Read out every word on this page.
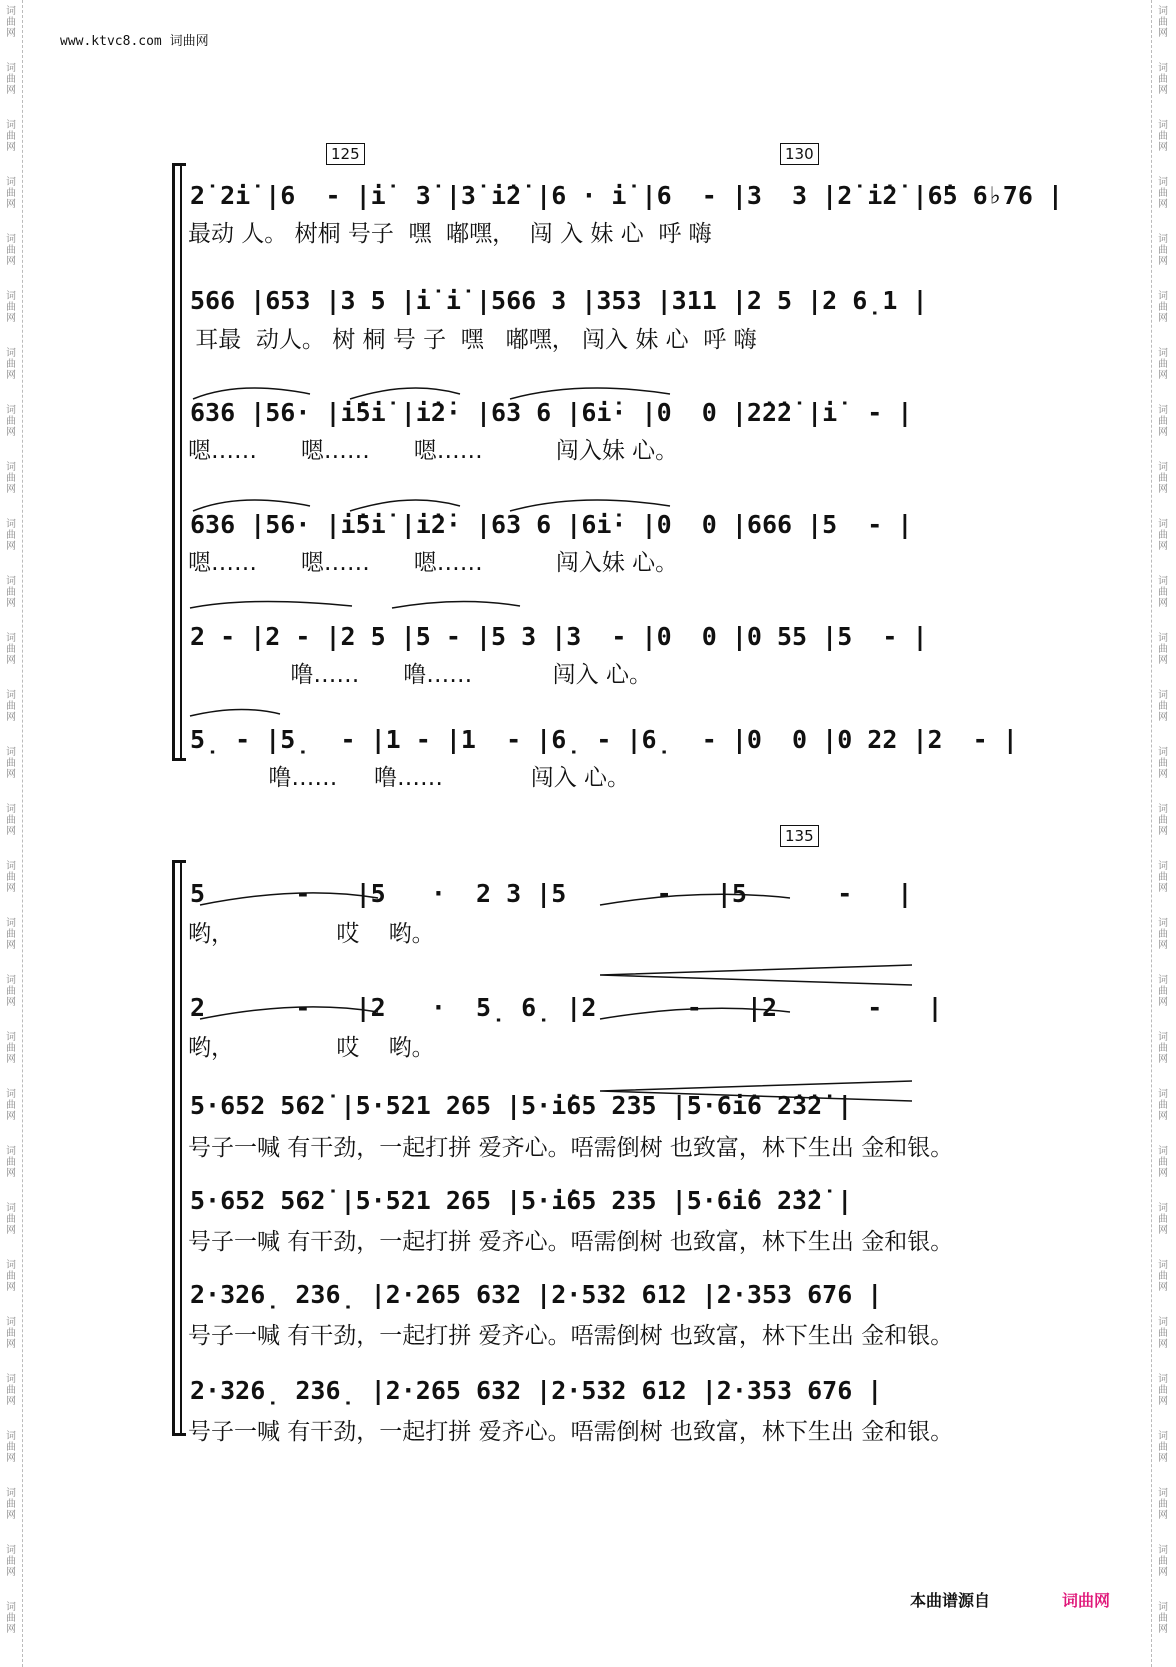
词
曲
网
词
曲
网
词
曲
网
词
曲
网
词
曲
网
词
曲
网
词
曲
网
词
曲
网
词
曲
网
词
曲
网
词
曲
网
词
曲
网
词
曲
网
词
曲
网
词
曲
网
词
曲
网
词
曲
网
词
曲
网
词
曲
网
词
曲
网
词
曲
网
词
曲
网
词
曲
网
词
曲
网
词
曲
网
词
曲
网
词
曲
网
词
曲
网
词
曲
网
词
曲
网
词
曲
网
词
曲
网
词
曲
网
词
曲
网
词
曲
网
词
曲
网
词
曲
网
词
曲
网
词
曲
网
词
曲
网
词
曲
网
词
曲
网
词
曲
网
词
曲
网
词
曲
网
词
曲
网
词
曲
网
词
曲
网
词
曲
网
词
曲
网
词
曲
网
词
曲
网
词
曲
网
词
曲
网
词
曲
网
词
曲
网
词
曲
网
词
曲
网
www.ktvc8.com 词曲网
125	130
135
2̇ 2̇i̇ |6  - |i̇  3̇ |3̇ i̇2̇ |6 · i̇ |6  - |3  3 |2̇ i̇2̇ |6̇5 6♭76 |
最动 人。 树桐 号子  嘿  嘟嘿，  闯 入 妹 心  呼 嗨
566 |653 |3 5 |i̇ i̇ |566 3 |353 |311 |2 5 |2 6̣1 |
耳最  动人。 树 桐 号 子  嘿   嘟嘿， 闯入 妹 心  呼 嗨
636 |56· |i̇5i̇ |i̇2̇· |63 6 |6i̇· |0  0 |2̇2̇2̇ |i̇  - |
嗯……      嗯……      嗯……          闯入妹 心。
636 |56· |i̇5i̇ |i̇2̇· |63 6 |6i̇· |0  0 |666 |5  - |
嗯……      嗯……      嗯……          闯入妹 心。
2 - |2 - |2 5 |5 - |5 3 |3  - |0  0 |0 55 |5  - |
噜……      噜……           闯入 心。
5̣ - |5̣  - |1 - |1  - |6̣ - |6̣  - |0  0 |0 22 |2  - |
噜……     噜……            闯入 心。
5      -   |5   ·  2 3 |5      -   |5      -   |
哟，              哎    哟。
2      -   |2   ·  5̣ 6̣ |2      -   |2      -   |
哟，              哎    哟。
5·652 562̇ |5·521 265 |5·i̇65 235 |5·6i̇6 2̇3̇2̇ |
号子一喊 有干劲，一起打拼 爱齐心。唔需倒树 也致富，林下生出 金和银。
5·652 562̇ |5·521 265 |5·i̇65 235 |5·6i̇6 2̇3̇2̇ |
号子一喊 有干劲，一起打拼 爱齐心。唔需倒树 也致富，林下生出 金和银。
2·326̣ 236̣ |2·265 632 |2·532 612 |2·353 676 |
号子一喊 有干劲，一起打拼 爱齐心。唔需倒树 也致富，林下生出 金和银。
2·326̣ 236̣ |2·265 632 |2·532 612 |2·353 676 |
号子一喊 有干劲，一起打拼 爱齐心。唔需倒树 也致富，林下生出 金和银。
本曲谱源自	词曲网
